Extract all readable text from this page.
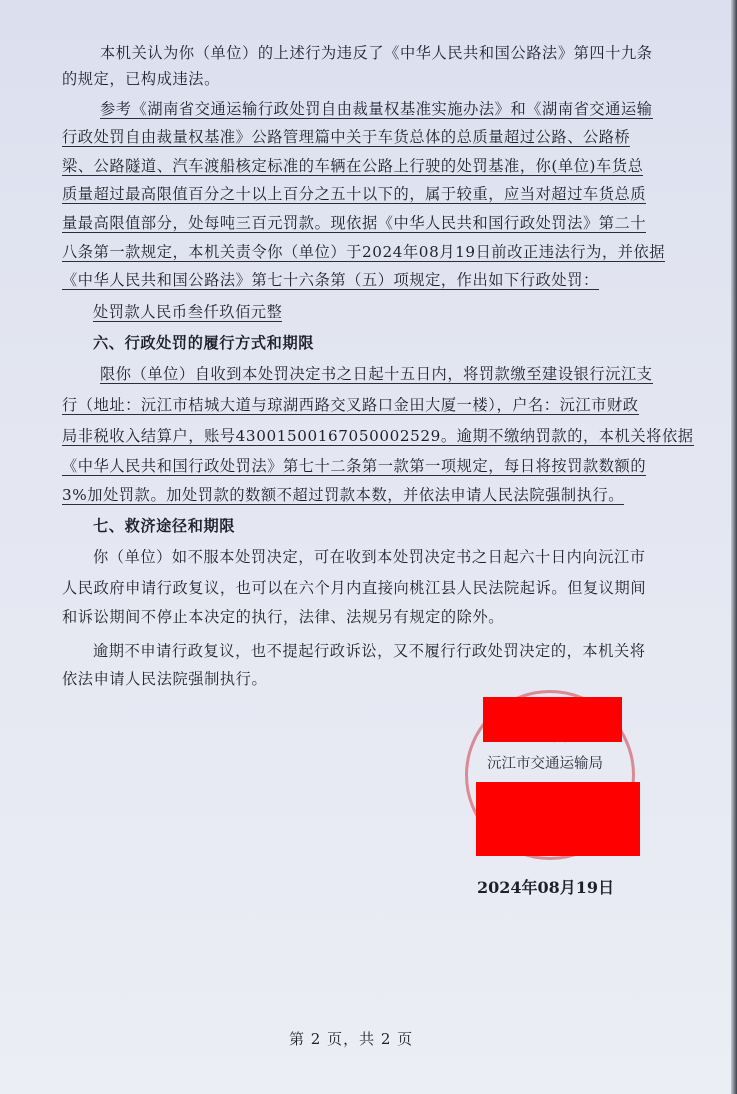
本机关认为你（单位）的上述行为违反了《中华人民共和国公路法》第四十九条
的规定，已构成违法。
参考《湖南省交通运输行政处罚自由裁量权基准实施办法》和《湖南省交通运输
行政处罚自由裁量权基准》公路管理篇中关于车货总体的总质量超过公路、公路桥
梁、公路隧道、汽车渡船核定标准的车辆在公路上行驶的处罚基准，你(单位)车货总
质量超过最高限值百分之十以上百分之五十以下的，属于较重，应当对超过车货总质
量最高限值部分，处每吨三百元罚款。现依据《中华人民共和国行政处罚法》第二十
八条第一款规定，本机关责令你（单位）于2024年08月19日前改正违法行为，并依据
《中华人民共和国公路法》第七十六条第（五）项规定，作出如下行政处罚：
处罚款人民币叁仟玖佰元整
六、行政处罚的履行方式和期限
限你（单位）自收到本处罚决定书之日起十五日内，将罚款缴至建设银行沅江支
行（地址：沅江市桔城大道与琼湖西路交叉路口金田大厦一楼），户名：沅江市财政
局非税收入结算户，账号43001500167050002529。逾期不缴纳罚款的，本机关将依据
《中华人民共和国行政处罚法》第七十二条第一款第一项规定，每日将按罚款数额的
3%加处罚款。加处罚款的数额不超过罚款本数，并依法申请人民法院强制执行。
七、救济途径和期限
你（单位）如不服本处罚决定，可在收到本处罚决定书之日起六十日内向沅江市
人民政府申请行政复议，也可以在六个月内直接向桃江县人民法院起诉。但复议期间
和诉讼期间不停止本决定的执行，法律、法规另有规定的除外。
逾期不申请行政复议，也不提起行政诉讼，又不履行行政处罚决定的，本机关将
依法申请人民法院强制执行。
沅江市交通运输局
2024年08月19日
第 2 页，共 2 页
